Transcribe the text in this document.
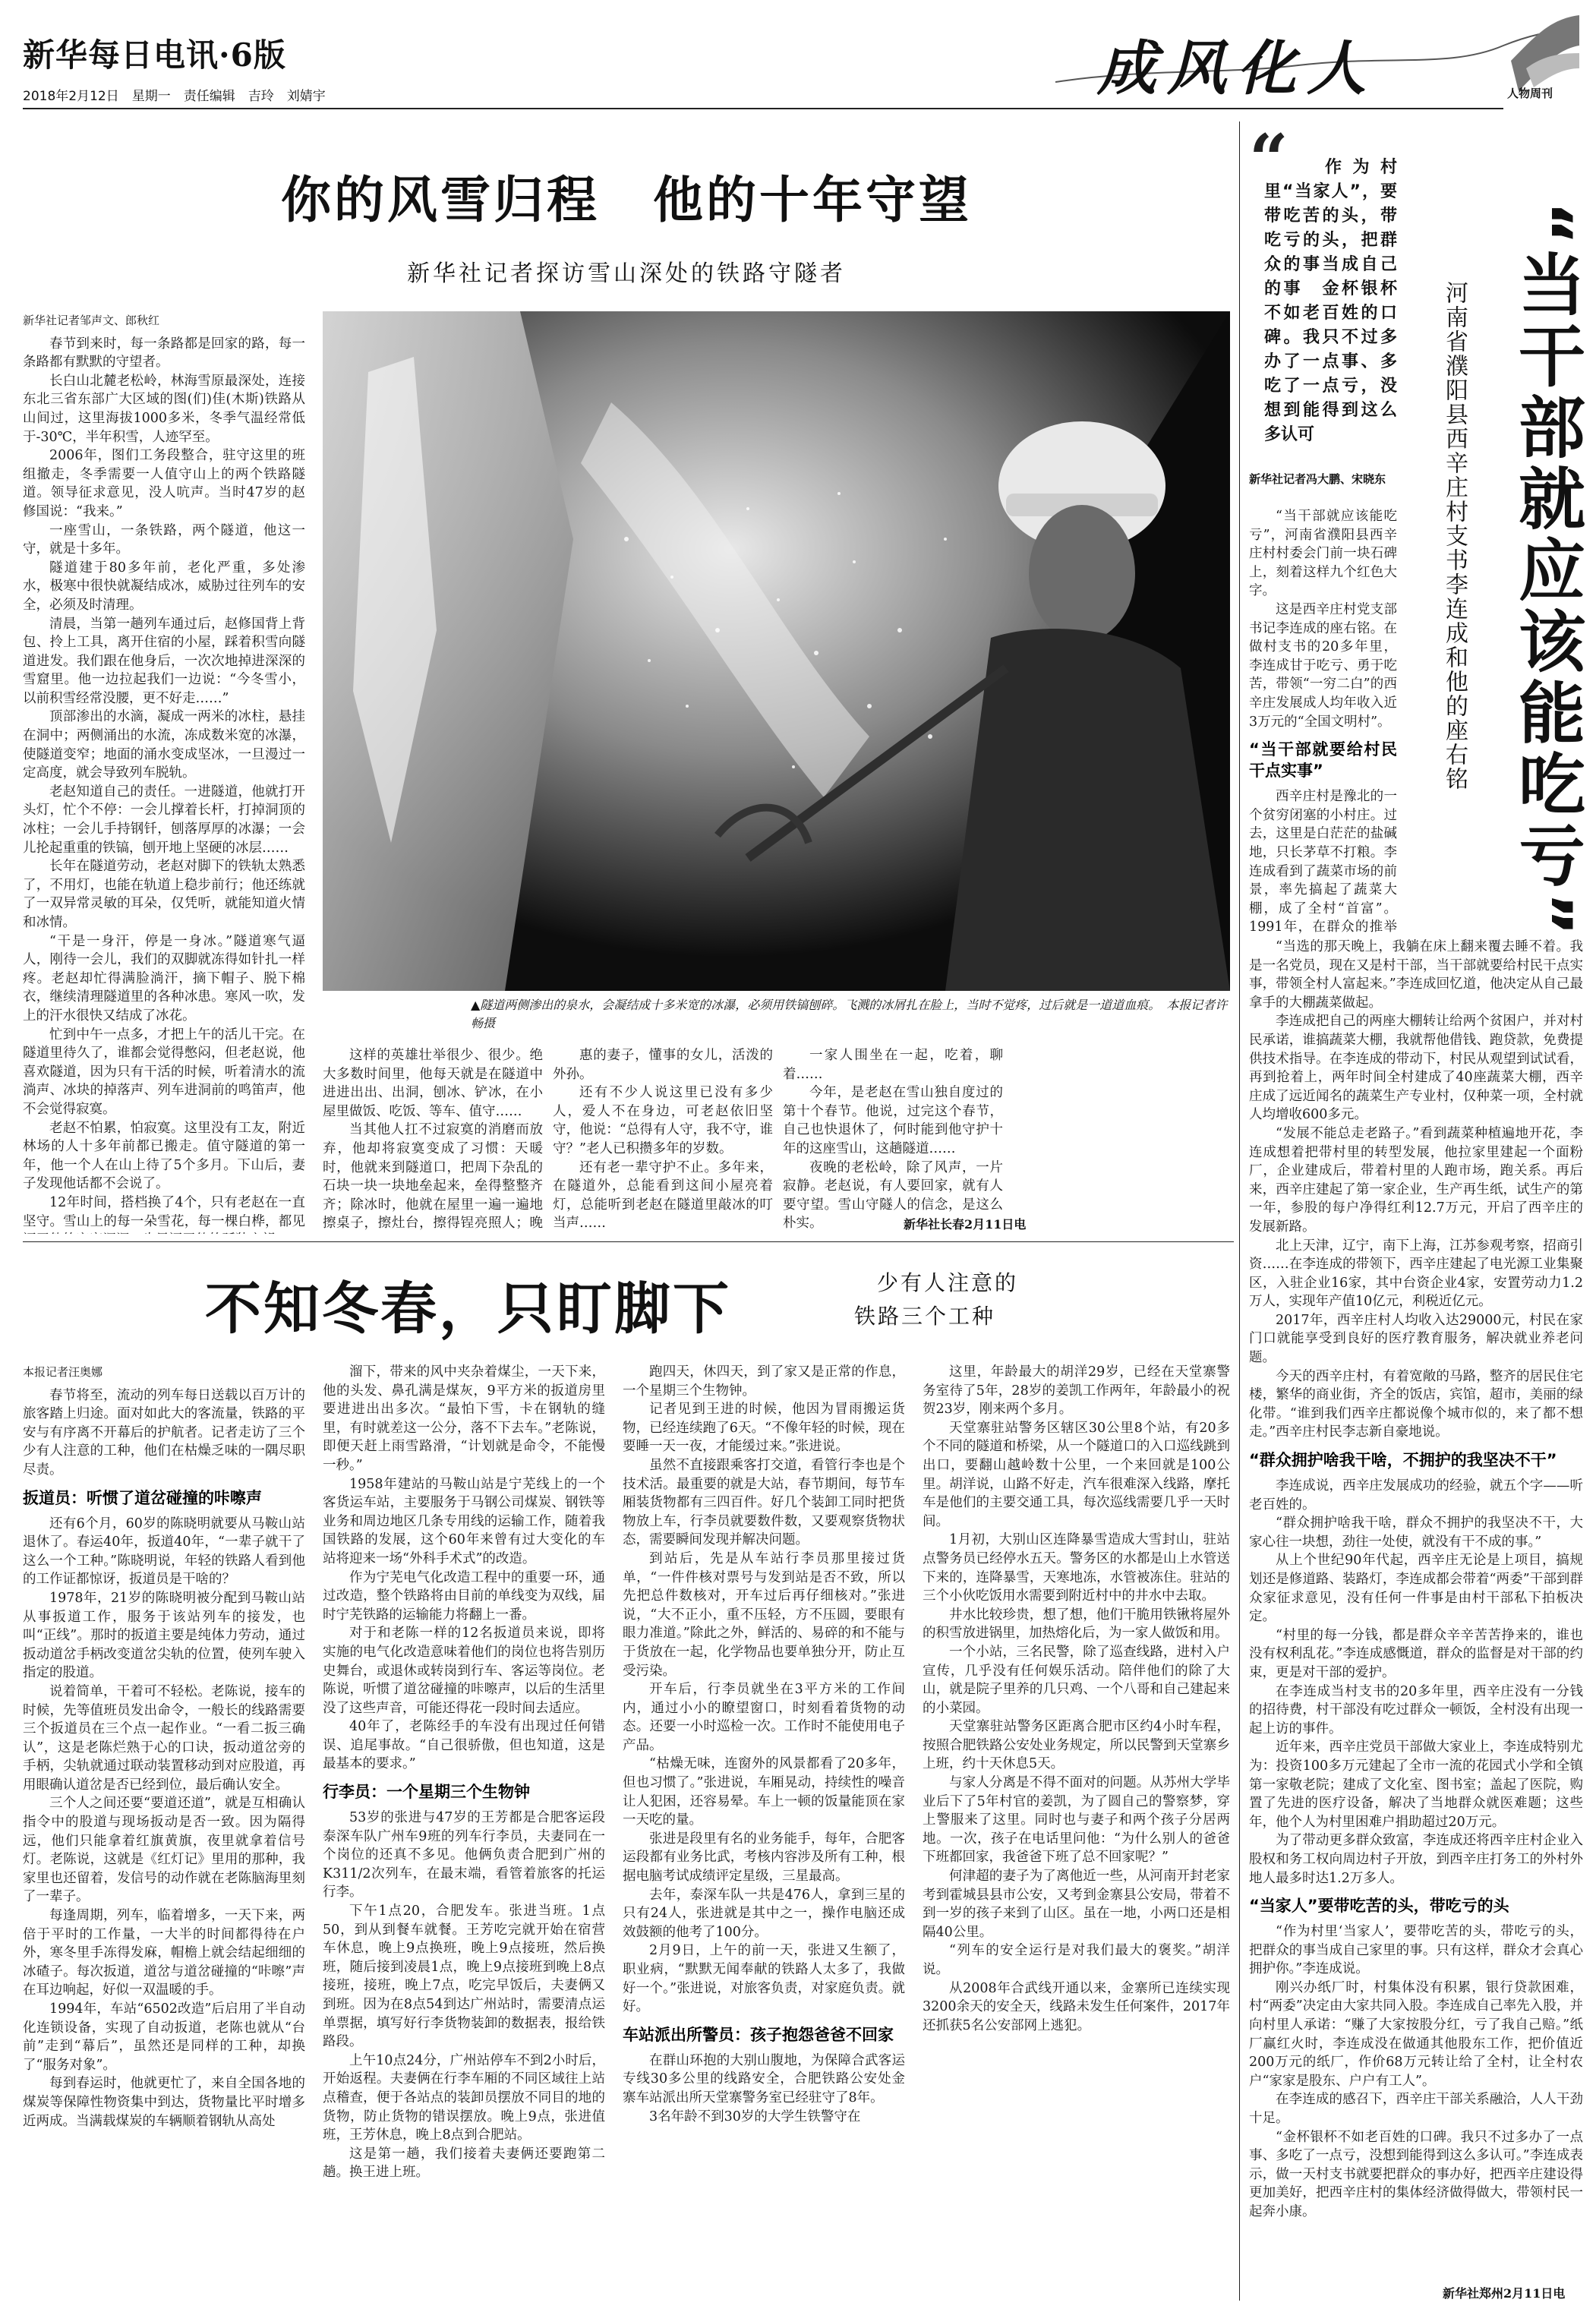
新华每日电讯·6版
2018年2月12日　星期一　责任编辑　吉玲　刘婧宇	成风化人	人物周刊
你的风雪归程　他的十年守望
新华社记者探访雪山深处的铁路守隧者
新华社记者邹声文、郎秋红

春节到来时，每一条路都是回家的路，每一条路都有默默的守望者。

长白山北麓老松岭，林海雪原最深处，连接东北三省东部广大区域的图(们)佳(木斯)铁路从山间过，这里海拔1000多米，冬季气温经常低于-30℃，半年积雪，人迹罕至。

2006年，图们工务段整合，驻守这里的班组撤走，冬季需要一人值守山上的两个铁路隧道。领导征求意见，没人吭声。当时47岁的赵修国说：“我来。”

一座雪山，一条铁路，两个隧道，他这一守，就是十多年。

隧道建于80多年前，老化严重，多处渗水，极寒中很快就凝结成冰，威胁过往列车的安全，必须及时清理。

清晨，当第一趟列车通过后，赵修国背上背包、拎上工具，离开住宿的小屋，踩着积雪向隧道进发。我们跟在他身后，一次次地掉进深深的雪窟里。他一边拉起我们一边说：“今冬雪小，以前积雪经常没腰，更不好走……”

顶部渗出的水滴，凝成一两米的冰柱，悬挂在洞中；两侧涌出的水流，冻成数米宽的冰瀑，使隧道变窄；地面的涌水变成坚冰，一旦漫过一定高度，就会导致列车脱轨。

老赵知道自己的责任。一进隧道，他就打开头灯，忙个不停：一会儿撑着长杆，打掉洞顶的冰柱；一会儿手持钢钎，刨落厚厚的冰瀑；一会儿抡起重重的铁镐，刨开地上坚硬的冰层……

长年在隧道劳动，老赵对脚下的铁轨太熟悉了，不用灯，也能在轨道上稳步前行；他还练就了一双异常灵敏的耳朵，仅凭听，就能知道火情和冰情。

“干是一身汗，停是一身冰。”隧道寒气逼人，刚待一会儿，我们的双脚就冻得如针扎一样疼。老赵却忙得满脸淌汗，摘下帽子、脱下棉衣，继续清理隧道里的各种冰患。寒风一吹，发上的汗水很快又结成了冰花。

忙到中午一点多，才把上午的活儿干完。在隧道里待久了，谁都会觉得憋闷，但老赵说，他喜欢隧道，因为只有干活的时候，听着清水的流淌声、冰块的掉落声、列车进洞前的鸣笛声，他不会觉得寂寞。

老赵不怕累，怕寂寞。这里没有工友，附近林场的人十多年前都已搬走。值守隧道的第一年，他一个人在山上待了5个多月。下山后，妻子发现他话都不会说了。

12年时间，搭档换了4个，只有老赵在一直坚守。雪山上的每一朵雪花，每一棵白桦，都见

▲隧道两侧渗出的泉水，会凝结成十多米宽的冰瀑，必须用铁镐刨碎。飞溅的冰屑扎在脸上，当时不觉疼，过后就是一道道血痕。　本报记者许畅摄

这样的英雄壮举很少、很少。绝大多数时间里，他每天就是在隧道中进进出出、出洞，刨冰、铲冰，在小屋里做饭、吃饭、等车、值守……

当其他人扛不过寂寞的消磨而放弃，他却将寂寞变成了习惯：天暖时，他就来到隧道口，把周下杂乱的石块一块一块地垒起来，垒得整整齐齐；除冰时，他就在屋里一遍一遍地擦桌子，擦灶台，擦得锃亮照人；晚

惠的妻子，懂事的女儿，活泼的外孙。

还有不少人说这里已没有多少人，爱人不在身边，可老赵依旧坚守，他说：“总得有人守，我不守，谁守？”老人已积攒多年的岁数。

还有老一辈守护不止。多年来，在隧道外，总能看到这间小屋亮着灯，总能听到老赵在隧道里敲冰的叮当声……

一家人围坐在一起，吃着，聊着……

今年，是老赵在雪山独自度过的第十个春节。他说，过完这个春节，自己也快退休了，何时能到他守护十年的这座雪山，这趟隧道……

夜晚的老松岭，除了风声，一片寂静。老赵说，有人要回家，就有人要守望。雪山守隧人的信念，是这么朴实。	新华社长春2月11日电
不知冬春，只盯脚下	少有人注意的
铁路三个工种
本报记者汪奥娜

春节将至，流动的列车每日送载以百万计的旅客踏上归途。面对如此大的客流量，铁路的平安与有序离不开幕后的护航者。记者走访了三个少有人注意的工种，他们在枯燥乏味的一隅尽职尽责。

扳道员：听惯了道岔碰撞的咔嚓声

还有6个月，60岁的陈晓明就要从马鞍山站退休了。春运40年，扳道40年，“一辈子就干了这么一个工种。”陈晓明说，年轻的铁路人看到他的工作证都惊讶，扳道员是干啥的？

1978年，21岁的陈晓明被分配到马鞍山站从事扳道工作，服务于该站列车的接发，也叫“正线”。那时的扳道主要是纯体力劳动，通过扳动道岔手柄改变道岔尖轨的位置，使列车驶入指定的股道。

说着简单，干着可不轻松。老陈说，接车的时候，先等值班员发出命令，一般长的线路需要三个扳道员在三个点一起作业。“一看二扳三确认”，这是老陈烂熟于心的口诀，扳动道岔旁的手柄，尖轨就通过联动装置移动到对应股道，再用眼确认道岔是否已经到位，最后确认安全。

三个人之间还要“要道还道”，就是互相确认指令中的股道与现场扳动是否一致。因为隔得远，他们只能拿着红旗黄旗，夜里就拿着信号灯。老陈说，这就是《红灯记》里用的那种，我家里也还留着，发信号的动作就在老陈脑海里刻了一辈子。

每逢周期，列车，临着增多，一天下来，两倍于平时的工作量，一大半的时间都得待在户外，寒冬里手冻得发麻，帽檐上就会结起细细的冰碴子。每次扳道，道岔与道岔碰撞的“咔嚓”声在耳边响起，好似一双温暖的手。

1994年，车站“6502改造”后启用了半自动化连锁设备，实现了自动扳道，老陈也就从“台前”走到“幕后”，虽然还是同样的工种，却换了“服务对象”。

每到春运时，他就更忙了，来自全国各地的煤炭等保障性物资集中到达，货物量比平时增多近两成。当满载煤炭的车辆顺着钢轨从高处

溜下，带来的风中夹杂着煤尘，一天下来，他的头发、鼻孔满是煤灰，9平方米的扳道房里要进进出出多次。“最怕下雪，卡在钢轨的缝里，有时就差这一公分，落不下去车。”老陈说，即便天赶上雨雪路滑，“计划就是命令，不能慢一秒。”

1958年建站的马鞍山站是宁芜线上的一个客货运车站，主要服务于马钢公司煤炭、钢铁等业务和周边地区几条专用线的运输工作，随着我国铁路的发展，这个60年来曾有过大变化的车站将迎来一场“外科手术式”的改造。

作为宁芜电气化改造工程中的重要一环，通过改造，整个铁路将由目前的单线变为双线，届时宁芜铁路的运输能力将翻上一番。

对于和老陈一样的12名扳道员来说，即将实施的电气化改造意味着他们的岗位也将告别历史舞台，或退休或转岗到行车、客运等岗位。老陈说，听惯了道岔碰撞的咔嚓声，以后的生活里没了这些声音，可能还得花一段时间去适应。

40年了，老陈经手的车没有出现过任何错误、追尾事故。“自己很骄傲，但也知道，这是最基本的要求。”

行李员：一个星期三个生物钟

53岁的张进与47岁的王芳都是合肥客运段泰深车队广州车9班的列车行李员，夫妻同在一个岗位的还真不多见。他俩负责合肥到广州的K311/2次列车，在最末端，看管着旅客的托运行李。

下午1点20，合肥发车。张进当班。1点50，到从到餐车就餐。王芳吃完就开始在宿营车休息，晚上9点换班，晚上9点接班，然后换班，随后接到凌晨1点，晚上9点接班到晚上8点接班，接班，晚上7点，吃完早饭后，夫妻俩又到班。因为在8点54到达广州站时，需要清点运单票据，填写好行李货物装卸的数据表，报给铁路段。

上午10点24分，广州站停车不到2小时后，开始返程。夫妻俩在行李车厢的不同区域往上站点稽查，便于各站点的装卸员摆放不同目的地的货物，防止货物的错误摆放。晚上9点，张进值班，王芳休息，晚上8点到合肥站。

这是第一趟，我们接着夫妻俩还要跑第二趟。换王进上班。

跑四天，休四天，到了家又是正常的作息，一个星期三个生物钟。

记者见到王进的时候，他因为冒雨搬运货物，已经连续跑了6天。“不像年轻的时候，现在要睡一天一夜，才能缓过来。”张进说。

虽然不直接跟乘客打交道，看管行李也是个技术活。最重要的就是大站，春节期间，每节车厢装货物都有三四百件。好几个装卸工同时把货物放上车，行李员就要数件数，又要观察货物状态，需要瞬间发现并解决问题。

到站后，先是从车站行李员那里接过货单，“一件件核对票号与发到站是否不致，所以先把总件数核对，开车过后再仔细核对。”张进说，“大不正小，重不压轻，方不压圆，要眼有眼力准道。”除此之外，鲜活的、易碎的和不能与于货放在一起，化学物品也要单独分开，防止互受污染。

开车后，行李员就坐在3平方米的工作间内，通过小小的瞭望窗口，时刻看着货物的动态。还要一小时巡检一次。工作时不能使用电子产品。

“枯燥无味，连窗外的风景都看了20多年，但也习惯了。”张进说，车厢晃动，持续性的噪音让人犯困，还容易晕。车上一顿的饭量能顶在家一天吃的量。

张进是段里有名的业务能手，每年，合肥客运段都有业务比武，考核内容涉及所有工种，根据电脑考试成绩评定星级，三星最高。

去年，泰深车队一共是476人，拿到三星的只有24人，张进就是其中之一，操作电脑还成效鼓额的他考了100分。

2月9日，上午的前一天，张进又生额了，职业病，“默默无闻奉献的铁路人太多了，我做好一个。”张进说，对旅客负责，对家庭负责。就好。

车站派出所警员：孩子抱怨爸爸不回家

在群山环抱的大别山腹地，为保障合武客运专线30多公里的线路安全，合肥铁路公安处金寨车站派出所天堂寨警务室已经驻守了8年。

3名年龄不到30岁的大学生铁警守在

这里，年龄最大的胡洋29岁，已经在天堂寨警务室待了5年，28岁的姜凯工作两年，年龄最小的祝贺23岁，刚来两个多月。

天堂寨驻站警务区辖区30公里8个站，有20多个不同的隧道和桥梁，从一个隧道口的入口巡线跳到出口，要翻山越岭数十公里，一个来回就是100公里。胡洋说，山路不好走，汽车很难深入线路，摩托车是他们的主要交通工具，每次巡线需要几乎一天时间。

1月初，大别山区连降暴雪造成大雪封山，驻站点警务员已经停水五天。警务区的水都是山上水管送下来的，连降暴雪，天寒地冻，水管被冻住。驻站的三个小伙吃饭用水需要到附近村中的井水中去取。

井水比较珍贵，想了想，他们干脆用铁锹将屋外的积雪放进锅里，加热熔化后，为一家人做饭和用。

一个小站，三名民警，除了巡查线路，进村入户宣传，几乎没有任何娱乐活动。陪伴他们的除了大山，就是院子里养的几只鸡、一个八哥和自己建起来的小菜园。

天堂寨驻站警务区距离合肥市区约4小时车程，按照合肥铁路公安处业务规定，所以民警到天堂寨乡上班，约十天休息5天。

与家人分离是不得不面对的问题。从苏州大学毕业后下了5年村官的姜凯，为了圆自己的警察梦，穿上警服来了这里。同时也与妻子和两个孩子分居两地。一次，孩子在电话里问他：“为什么别人的爸爸下班都回家，我爸爸下班了总不回家呢？”

何津超的妻子为了离他近一些，从河南开封老家考到霍城县县市公安，又考到金寨县公安局，带着不到一岁的孩子来到了山区。虽在一地，小两口还是相隔40公里。

“列车的安全运行是对我们最大的褒奖。”胡洋说。

从2008年合武线开通以来，金寨所已连续实现3200余天的安全天，线路未发生任何案件，2017年还抓获5名公安部网上逃犯。

“	作为村里“当家人”，要带吃苦的头，带吃亏的头，把群众的事当成自己的事　金杯银杯不如老百姓的口碑。我只不过多办了一点事、多吃了一点亏，没想到能得到这么多认可	“当干部就应该能吃亏”
河南省濮阳县西辛庄村支书李连成和他的座右铭
新华社记者冯大鹏、宋晓东

“当干部就应该能吃亏”，河南省濮阳县西辛庄村村委会门前一块石碑上，刻着这样九个红色大字。

这是西辛庄村党支部书记李连成的座右铭。在做村支书的20多年里，李连成甘于吃亏、勇于吃苦，带领“一穷二白”的西辛庄发展成人均年收入近3万元的“全国文明村”。

“当干部就要给村民干点实事”

西辛庄村是豫北的一个贫穷闭塞的小村庄。过去，这里是白茫茫的盐碱地，只长茅草不打粮。李连成看到了蔬菜市场的前景，率先搞起了蔬菜大棚，成了全村“首富”。1991年，在群众的推举

“当选的那天晚上，我躺在床上翻来覆去睡不着。我是一名党员，现在又是村干部，当干部就要给村民干点实事，带领全村人富起来。”李连成回忆道，他决定从自己最拿手的大棚蔬菜做起。

李连成把自己的两座大棚转让给两个贫困户，并对村民承诺，谁搞蔬菜大棚，我就帮他借钱、跑贷款，免费提供技术指导。在李连成的带动下，村民从观望到试试看，再到抢着上，两年时间全村建成了40座蔬菜大棚，西辛庄成了远近闻名的蔬菜生产专业村，仅种菜一项，全村就人均增收600多元。

“发展不能总走老路子。”看到蔬菜种植遍地开花，李连成想着把带村里的转型发展，他拉家里建起一个面粉厂，企业建成后，带着村里的人跑市场，跑关系。再后来，西辛庄建起了第一家企业，生产再生纸，试生产的第一年，参股的每户净得红利12.7万元，开启了西辛庄的发展新路。

北上天津，辽宁，南下上海，江苏参观考察，招商引资……在李连成的带领下，西辛庄建起了电光源工业集聚区，入驻企业16家，其中台资企业4家，安置劳动力1.2万人，实现年产值10亿元，利税近亿元。

2017年，西辛庄村人均收入达29000元，村民在家门口就能享受到良好的医疗教育服务，解决就业养老问题。

今天的西辛庄村，有着宽敞的马路，整齐的居民住宅楼，繁华的商业街，齐全的饭店，宾馆，超市，美丽的绿化带。“谁到我们西辛庄都说像个城市似的，来了都不想走。”西辛庄村民李志新自豪地说。

“群众拥护啥我干啥，不拥护的我坚决不干”

李连成说，西辛庄发展成功的经验，就五个字——听老百姓的。

“群众拥护啥我干啥，群众不拥护的我坚决不干，大家心往一块想，劲往一处使，就没有干不成的事。”

从上个世纪90年代起，西辛庄无论是上项目，搞规划还是修道路、装路灯，李连成都会带着“两委”干部到群众家征求意见，没有任何一件事是由村干部私下拍板决定。

“村里的每一分钱，都是群众辛辛苦苦挣来的，谁也没有权利乱花。”李连成感慨道，群众的监督是对干部的约束，更是对干部的爱护。

在李连成当村支书的20多年里，西辛庄没有一分钱的招待费，村干部没有吃过群众一顿饭，全村没有出现一起上访的事件。

近年来，西辛庄党员干部做大家业上，李连成特别尤为：投资100多万元建起了全市一流的花园式小学和全镇第一家敬老院；建成了文化室、图书室；盖起了医院，购置了先进的医疗设备，解决了当地群众就医难题；这些年，他个人为村里困难户捐助超过20万元。

为了带动更多群众致富，李连成还将西辛庄村企业入股权和务工权向周边村子开放，到西辛庄打务工的外村外地人最多时达1.2万多人。

“当家人”要带吃苦的头，带吃亏的头

“作为村里‘当家人’，要带吃苦的头，带吃亏的头，把群众的事当成自己家里的事。只有这样，群众才会真心拥护你。”李连成说。

刚兴办纸厂时，村集体没有积累，银行贷款困难，村“两委”决定由大家共同入股。李连成自己率先入股，并向村里人承诺：“赚了大家按股分红，亏了我自己赔。”纸厂赢红火时，李连成没在做通其他股东工作，把价值近200万元的纸厂，作价68万元转让给了全村，让全村农户“家家是股东、户户有工人”。

在李连成的感召下，西辛庄干部关系融洽，人人干劲十足。

“金杯银杯不如老百姓的口碑。我只不过多办了一点事、多吃了一点亏，没想到能得到这么多认可。”李连成表示，做一天村支书就要把群众的事办好，把西辛庄建设得更加美好，把西辛庄村的集体经济做得做大，带领村民一起奔小康。

新华社郑州2月11日电
